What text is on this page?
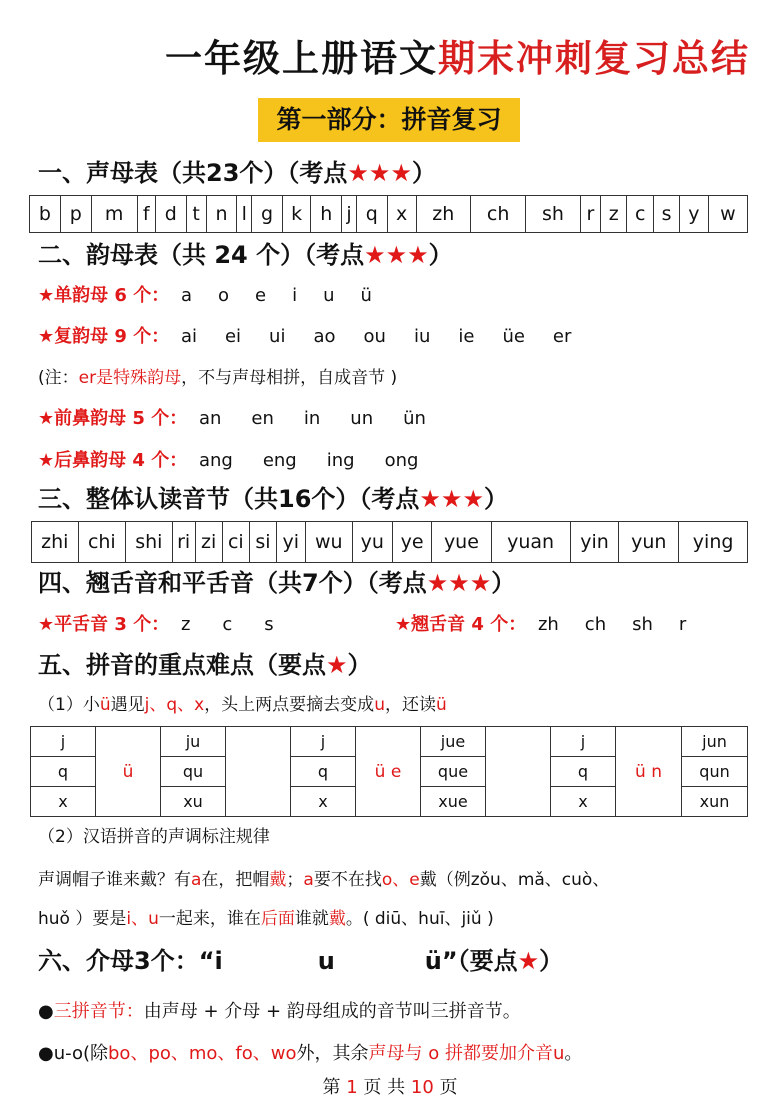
一年级上册语文期末冲刺复习总结
第一部分：拼音复习
一、声母表（共23个）（考点★★★）
b	p	m	f	d	t	n	l	g	k	h	j	q	x	zh	ch	sh	r	z	c	s	y	w
二、韵母表（共 24 个）（考点★★★）
★单韵母 6 个： a o e i u ü
★复韵母 9 个： ai ei ui ao ou iu ie üe er
(注：er是特殊韵母，不与声母相拼，自成音节 )
★前鼻韵母 5 个： an en in un ün
★后鼻韵母 4 个： ang eng ing ong
三、整体认读音节（共16个）（考点★★★）
zhi	chi	shi	ri	zi	ci	si	yi	wu	yu	ye	yue	yuan	yin	yun	ying
四、翘舌音和平舌音（共7个）（考点★★★）
★平舌音 3 个： z c s	★翘舌音 4 个： zh ch sh r
五、拼音的重点难点（要点★）
（1）小ü遇见j、q、x，头上两点要摘去变成u，还读ü
j	ü	ju		j	ü e	jue		j	ü n	jun
q		qu		q		que		q		qun
x		xu		x		xue		x		xun
（2）汉语拼音的声调标注规律
声调帽子谁来戴？有a在，把帽戴；a要不在找o、e戴（例zǒu、mǎ、cuò、
huǒ ）要是i、u一起来，谁在后面谁就戴。( diū、huī、jiǔ )
六、介母3个：“i	u	ü”（要点★）
●三拼音节：由声母 + 介母 + 韵母组成的音节叫三拼音节。
●u-o(除bo、po、mo、fo、wo外，其余声母与 o 拼都要加介音u。
第 1 页 共 10 页
